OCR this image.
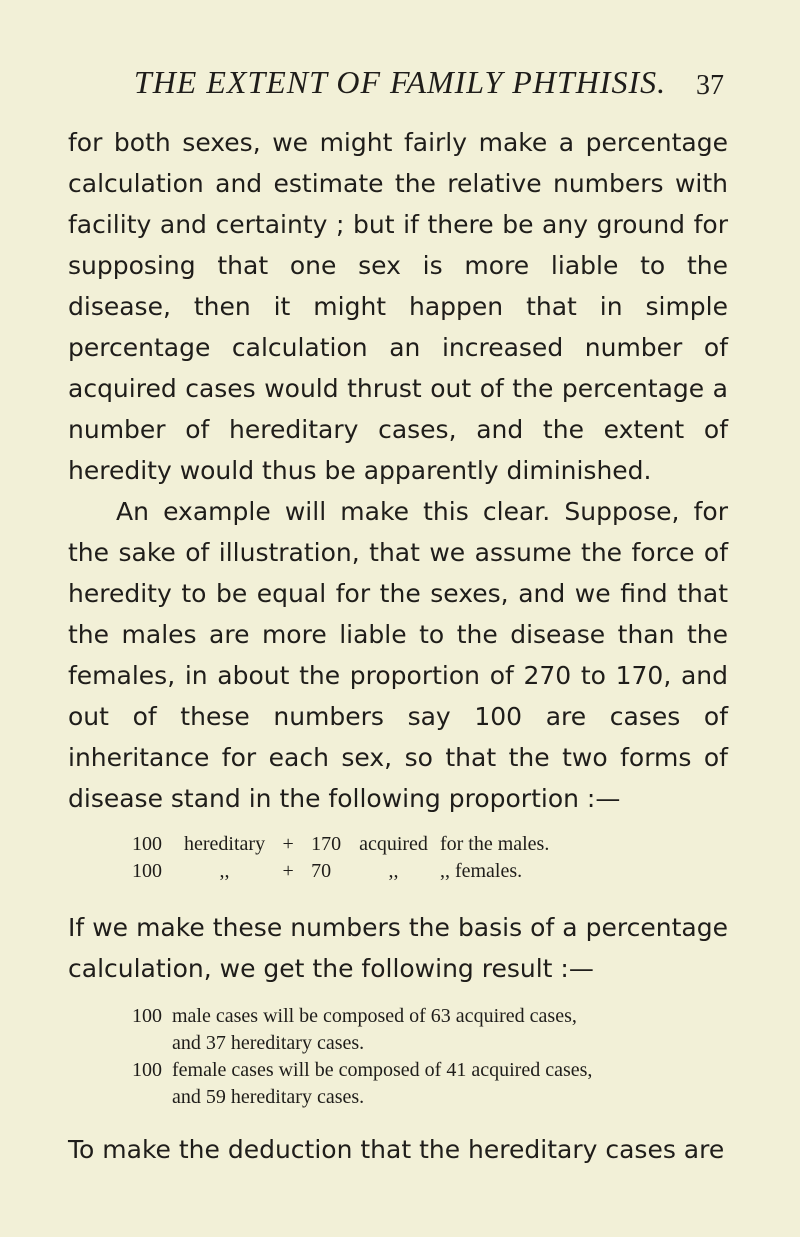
THE EXTENT OF FAMILY PHTHISIS.	37

for both sexes, we might fairly make a percentage calculation and estimate the relative numbers with facility and certainty ; but if there be any ground for supposing that one sex is more liable to the disease, then it might happen that in simple percentage calculation an increased number of acquired cases would thrust out of the percentage a number of hereditary cases, and the extent of heredity would thus be apparently diminished.

An example will make this clear. Suppose, for the sake of illustration, that we assume the force of heredity to be equal for the sexes, and we find that the males are more liable to the disease than the females, in about the proportion of 270 to 170, and out of these numbers say 100 are cases of inheritance for each sex, so that the two forms of disease stand in the following proportion :—

100	hereditary	+	170	acquired	for the males.
100	,,	+	70	,,	,, females.

If we make these numbers the basis of a percentage calculation, we get the following result :—

100 male cases will be composed of 63 acquired cases,
and 37 hereditary cases.
100 female cases will be composed of 41 acquired cases,
and 59 hereditary cases.

To make the deduction that the hereditary cases are
